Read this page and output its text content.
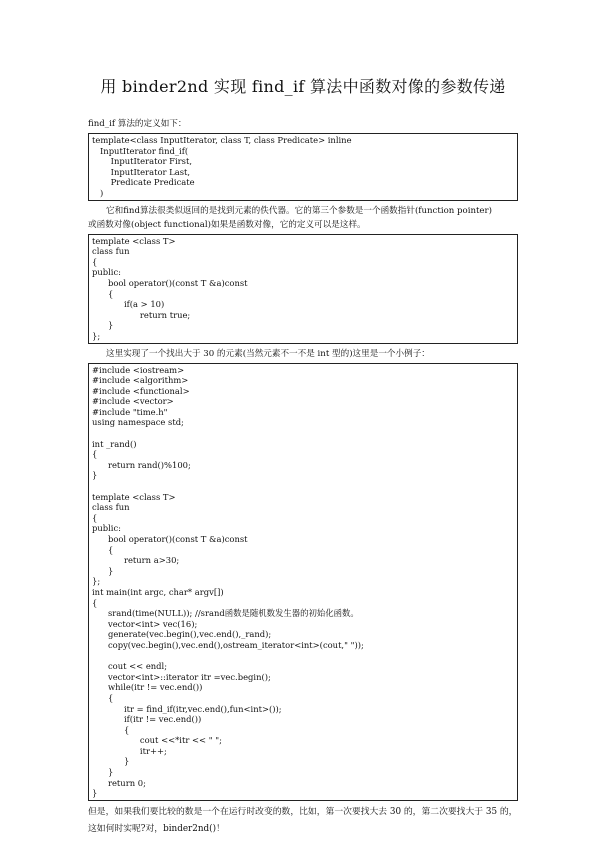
用 binder2nd 实现 find_if 算法中函数对像的参数传递
find_if 算法的定义如下：
template<class InputIterator, class T, class Predicate> inline
InputIterator find_if(
InputIterator First,
InputIterator Last,
Predicate Predicate
)
它和find算法很类似返回的是找到元素的佚代器。它的第三个参数是一个函数指针(function pointer)
或函数对像(object functional)如果是函数对像，它的定义可以是这样。
template <class T>
class fun
{
public:
bool operator()(const T &a)const
{
if(a > 10)
return true;
}
};
这里实现了一个找出大于 30 的元素(当然元素不一不是 int 型的)这里是一个小例子：
#include <iostream>
#include <algorithm>
#include <functional>
#include <vector>
#include "time.h"
using namespace std;

int _rand()
{
return rand()%100;
}

template <class T>
class fun
{
public:
bool operator()(const T &a)const
{
return a>30;
}
};
int main(int argc, char* argv[])
{
srand(time(NULL)); //srand函数是随机数发生器的初始化函数。
vector<int> vec(16);
generate(vec.begin(),vec.end(),_rand);
copy(vec.begin(),vec.end(),ostream_iterator<int>(cout," "));

cout << endl;
vector<int>::iterator itr =vec.begin();
while(itr != vec.end())
{
itr = find_if(itr,vec.end(),fun<int>());
if(itr != vec.end())
{
cout <<*itr << " ";
itr++;
}
}
return 0;
}
但是，如果我们要比较的数是一个在运行时改变的数，比如，第一次要找大去 30 的，第二次要找大于 35 的，这如何时实呢?对，binder2nd()！
